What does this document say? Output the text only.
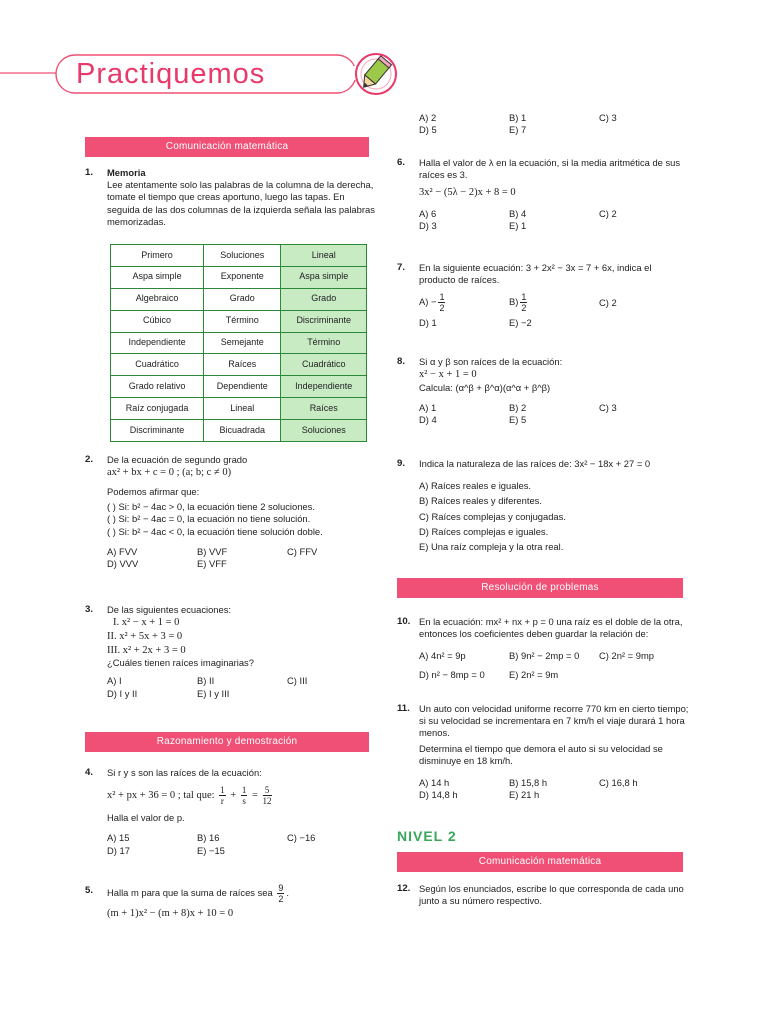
Practiquemos
Comunicación matemática
1. Memoria
Lee atentamente solo las palabras de la columna de la derecha,
tomate el tiempo que creas aportuno, luego las tapas. En
seguida de las dos columnas de la izquierda señala las palabras
memorizadas.
Primero	Soluciones	Lineal
Aspa simple	Exponente	Aspa simple
Algebraico	Grado	Grado
Cúbico	Término	Discriminante
Independiente	Semejante	Término
Cuadrático	Raíces	Cuadrático
Grado relativo	Dependiente	Independiente
Raíz conjugada	Lineal	Raíces
Discriminante	Bicuadrada	Soluciones
2. De la ecuación de segundo grado
ax² + bx + c = 0 ; (a; b; c ≠ 0)
Podemos afirmar que:
( ) Si: b² − 4ac > 0, la ecuación tiene 2 soluciones.
( ) Si: b² − 4ac = 0, la ecuación no tiene solución.
( ) Si: b² − 4ac < 0, la ecuación tiene solución doble.
A) FVV	B) VVF	C) FFV
D) VVV	E) VFF
3. De las siguientes ecuaciones:
I. x² − x + 1 = 0
II. x² + 5x + 3 = 0
III. x² + 2x + 3 = 0
¿Cuáles tienen raíces imaginarias?
A) I	B) II	C) III
D) I y II	E) I y III
Razonamiento y demostración
4. Si r y s son las raíces de la ecuación:
x² + px + 36 = 0 ; tal que: $\frac{1}{r} + \frac{1}{s} = \frac{5}{12}$
Halla el valor de p.
A) 15	B) 16	C) −16
D) 17	E) −15
5. Halla m para que la suma de raíces sea $\frac{9}{2}$ .
(m + 1)x² − (m + 8)x + 10 = 0
A) 2	B) 1	C) 3
D) 5	E) 7
6. Halla el valor de λ en la ecuación, si la media aritmética de sus
raíces es 3.
3x² − (5λ − 2)x + 8 = 0
A) 6	B) 4	C) 2
D) 3	E) 1
7. En la siguiente ecuación: 3 + 2x² − 3x = 7 + 6x, indica el
producto de raíces.
$A) - \frac{1}{2}$	$B) \frac{1}{2}$	C) 2
D) 1	E) −2
8. Si α y β son raíces de la ecuación:
x² − x + 1 = 0
Calcula: (α^β + β^α)(α^α + β^β)
A) 1	B) 2	C) 3
D) 4	E) 5
9. Indica la naturaleza de las raíces de: 3x² − 18x + 27 = 0
A) Raíces reales e iguales.
B) Raíces reales y diferentes.
C) Raíces complejas y conjugadas.
D) Raíces complejas e iguales.
E) Una raíz compleja y la otra real.
Resolución de problemas
10. En la ecuación: mx² + nx + p = 0 una raíz es el doble de la otra,
entonces los coeficientes deben guardar la relación de:
A) 4n² = 9p	B) 9n² − 2mp = 0	C) 2n² = 9mp
D) n² − 8mp = 0	E) 2n² = 9m
11. Un auto con velocidad uniforme recorre 770 km en cierto tiempo;
si su velocidad se incrementara en 7 km/h el viaje durará 1 hora
menos.
Determina el tiempo que demora el auto si su velocidad se
disminuye en 18 km/h.
A) 14 h	B) 15,8 h	C) 16,8 h
D) 14,8 h	E) 21 h
NIVEL 2
Comunicación matemática
12. Según los enunciados, escribe lo que corresponda de cada uno
junto a su número respectivo.
